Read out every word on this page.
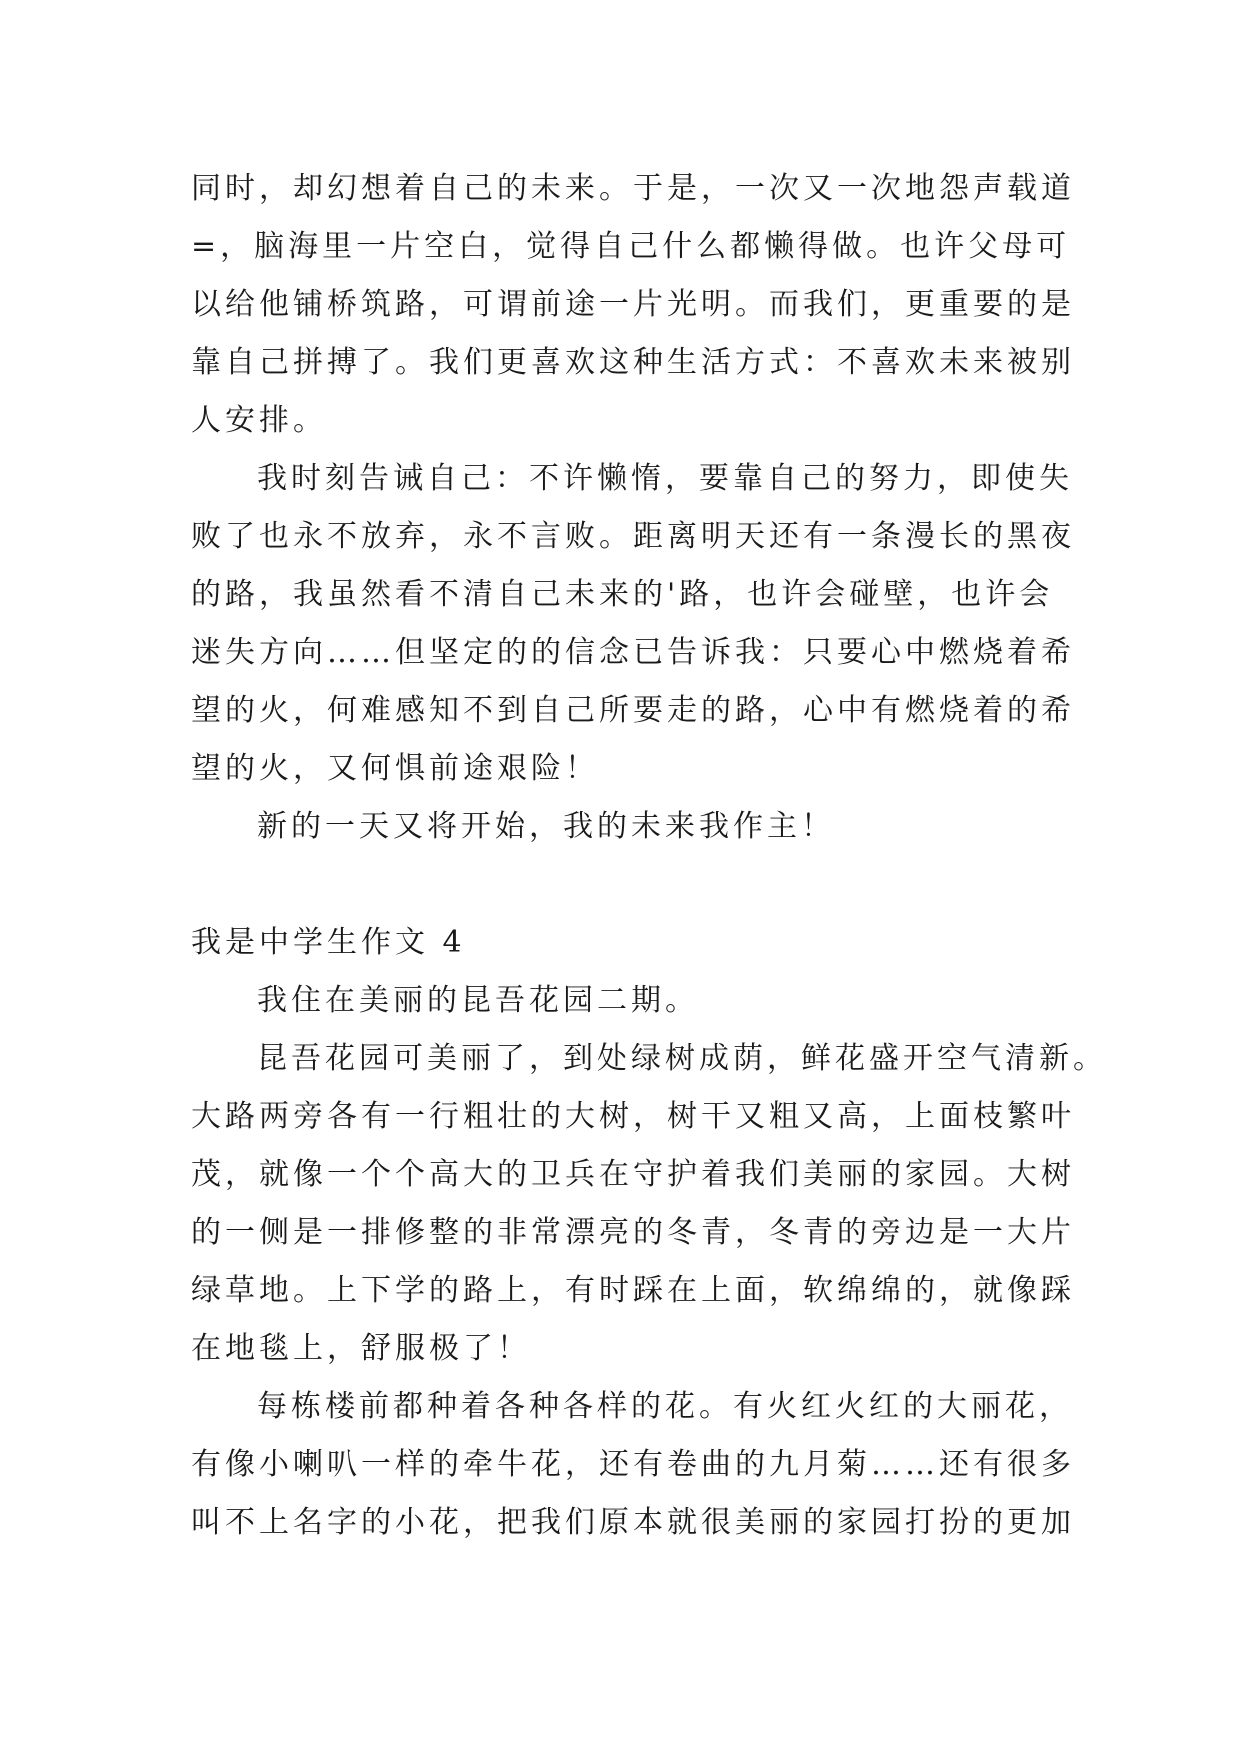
同时，却幻想着自己的未来。于是，一次又一次地怨声载道
=，脑海里一片空白，觉得自己什么都懒得做。也许父母可
以给他铺桥筑路，可谓前途一片光明。而我们，更重要的是
靠自己拼搏了。我们更喜欢这种生活方式：不喜欢未来被别
人安排。
我时刻告诫自己：不许懒惰，要靠自己的努力，即使失
败了也永不放弃，永不言败。距离明天还有一条漫长的黑夜
的路，我虽然看不清自己未来的'路，也许会碰壁，也许会
迷失方向……但坚定的的信念已告诉我：只要心中燃烧着希
望的火，何难感知不到自己所要走的路，心中有燃烧着的希
望的火，又何惧前途艰险！
新的一天又将开始，我的未来我作主！
我是中学生作文 4
我住在美丽的昆吾花园二期。
昆吾花园可美丽了，到处绿树成荫，鲜花盛开空气清新。
大路两旁各有一行粗壮的大树，树干又粗又高，上面枝繁叶
茂，就像一个个高大的卫兵在守护着我们美丽的家园。大树
的一侧是一排修整的非常漂亮的冬青，冬青的旁边是一大片
绿草地。上下学的路上，有时踩在上面，软绵绵的，就像踩
在地毯上，舒服极了！
每栋楼前都种着各种各样的花。有火红火红的大丽花，
有像小喇叭一样的牵牛花，还有卷曲的九月菊……还有很多
叫不上名字的小花，把我们原本就很美丽的家园打扮的更加
